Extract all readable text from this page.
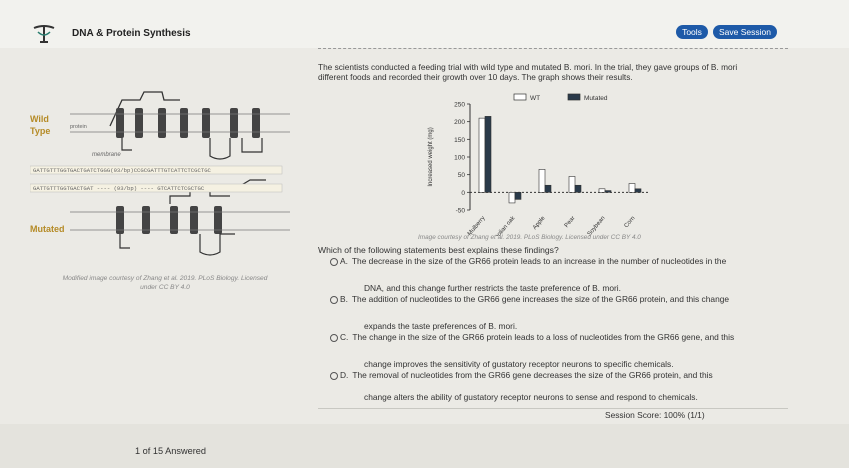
DNA & Protein Synthesis	Tools	Save Session
The scientists conducted a feeding trial with wild type and mutated B. mori. In the trial, they gave groups of B. mori
different foods and recorded their growth over 10 days. The graph shows their results.
Wild
Type	protein
membrane
GATTGTTTGGTGACTGATCTGGG(93/bp)CCGCGATTTGTCATTCTCGCTGC
GATTGTTTGGTGACTGAT ---- (93/bp) ---- GTCATTCTCGCTGC
Mutated
Modified image courtesy of Zhang et al. 2019. PLoS Biology. Licensed
under CC BY 4.0
250
200
150
100
50
0
-50
Increased weight (mg)
WT	Mutated
Mulberry Mongolian oak	Apple	Pear Soybean	Corn
Image courtesy of Zhang et al. 2019. PLoS Biology. Licensed under CC BY 4.0
Which of the following statements best explains these findings?
A. The decrease in the size of the GR66 protein leads to an increase in the number of nucleotides in the
DNA, and this change further restricts the taste preference of B. mori.
B. The addition of nucleotides to the GR66 gene increases the size of the GR66 protein, and this change
expands the taste preferences of B. mori.
C. The change in the size of the GR66 protein leads to a loss of nucleotides from the GR66 gene, and this
change improves the sensitivity of gustatory receptor neurons to specific chemicals.
D. The removal of nucleotides from the GR66 gene decreases the size of the GR66 protein, and this
change alters the ability of gustatory receptor neurons to sense and respond to chemicals.
Session Score: 100% (1/1)
1 of 15 Answered
